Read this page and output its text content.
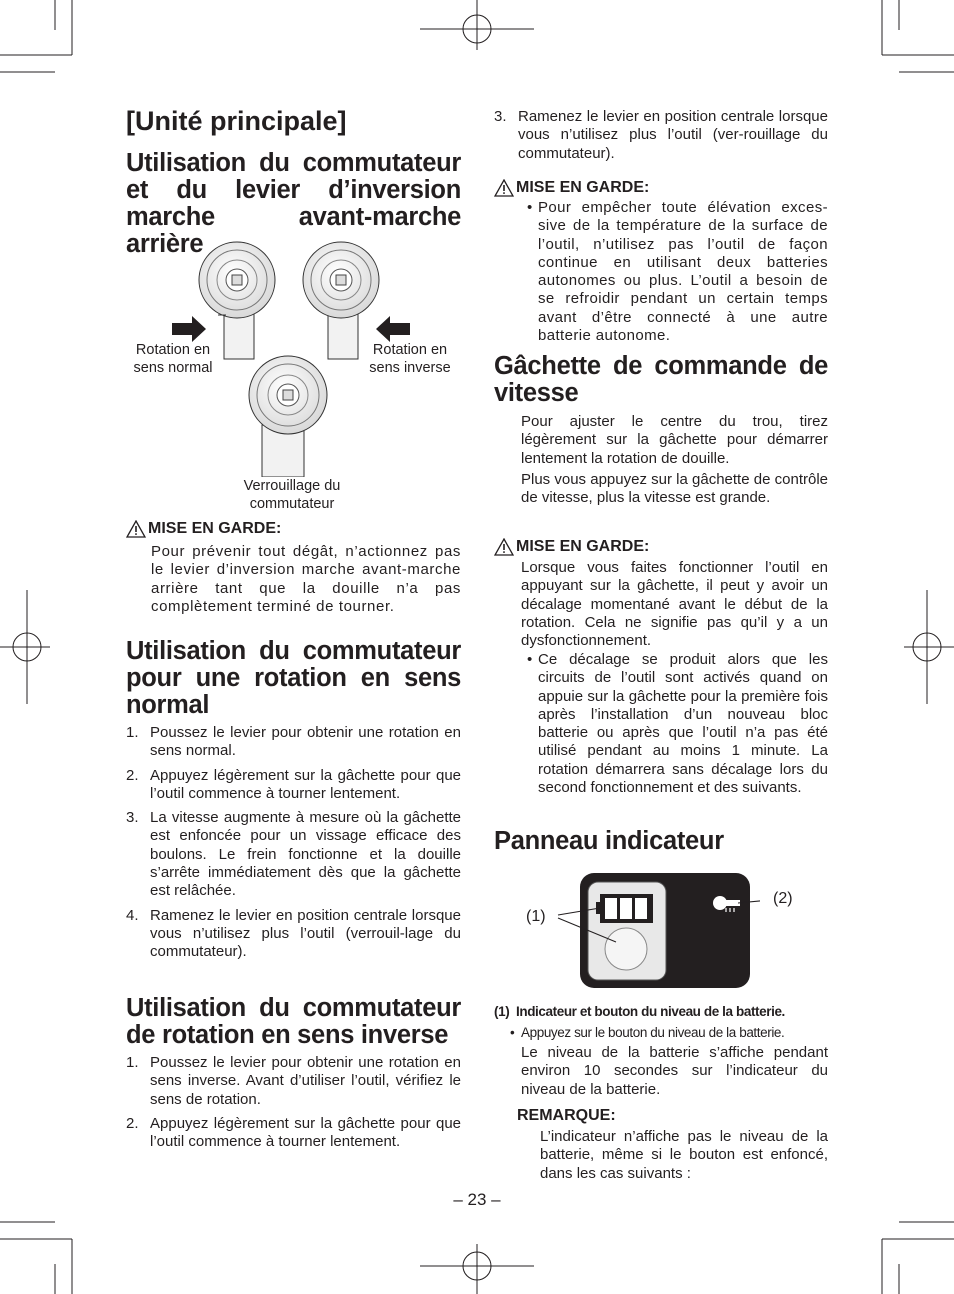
[Unité principale]
Utilisation du commutateur et du levier d’inversion marche avant-marche arrière
Rotation en sens normal
Rotation en sens inverse
Verrouillage du commutateur
MISE EN GARDE:

Pour prévenir tout dégât, n’actionnez pas le levier d’inversion marche avant-marche arrière tant que la douille n’a pas complètement terminé de tourner.

Utilisation du commutateur pour une rotation en sens normal
1. Poussez le levier pour obtenir une rotation en sens normal.
2. Appuyez légèrement sur la gâchette pour que l’outil commence à tourner lentement.
3. La vitesse augmente à mesure où la gâchette est enfoncée pour un vissage efficace des boulons. Le frein fonctionne et la douille s’arrête immédiatement dès que la gâchette est relâchée.
4. Ramenez le levier en position centrale lorsque vous n’utilisez plus l’outil (verrouil-lage du commutateur).
Utilisation du commutateur de rotation en sens inverse
1. Poussez le levier pour obtenir une rotation en sens inverse. Avant d’utiliser l’outil, vérifiez le sens de rotation.
2. Appuyez légèrement sur la gâchette pour que l’outil commence à tourner lentement.
3. Ramenez le levier en position centrale lorsque vous n’utilisez plus l’outil (ver-rouillage du commutateur).
MISE EN GARDE:
• Pour empêcher toute élévation exces-sive de la température de la surface de l’outil, n’utilisez pas l’outil de façon continue en utilisant deux batteries autonomes ou plus. L’outil a besoin de se refroidir pendant un certain temps avant d’être connecté à une autre batterie autonome.
Gâchette de commande de vitesse

Pour ajuster le centre du trou, tirez légèrement sur la gâchette pour démarrer lentement la rotation de douille.

Plus vous appuyez sur la gâchette de contrôle de vitesse, plus la vitesse est grande.

MISE EN GARDE:

Lorsque vous faites fonctionner l’outil en appuyant sur la gâchette, il peut y avoir un décalage momentané avant le début de la rotation. Cela ne signifie pas qu’il y a un dysfonctionnement.

• Ce décalage se produit alors que les circuits de l’outil sont activés quand on appuie sur la gâchette pour la première fois après l’installation d’un nouveau bloc batterie ou après que l’outil n’a pas été utilisé pendant au moins 1 minute. La rotation démarrera sans décalage lors du second fonctionnement et des suivants.
Panneau indicateur
(1)
(2)
(1) Indicateur et bouton du niveau de la batterie.
• Appuyez sur le bouton du niveau de la batterie.

Le niveau de la batterie s’affiche pendant environ 10 secondes sur l’indicateur du niveau de la batterie.

REMARQUE:

L’indicateur n’affiche pas le niveau de la batterie, même si le bouton est enfoncé, dans les cas suivants :

– 23 –
